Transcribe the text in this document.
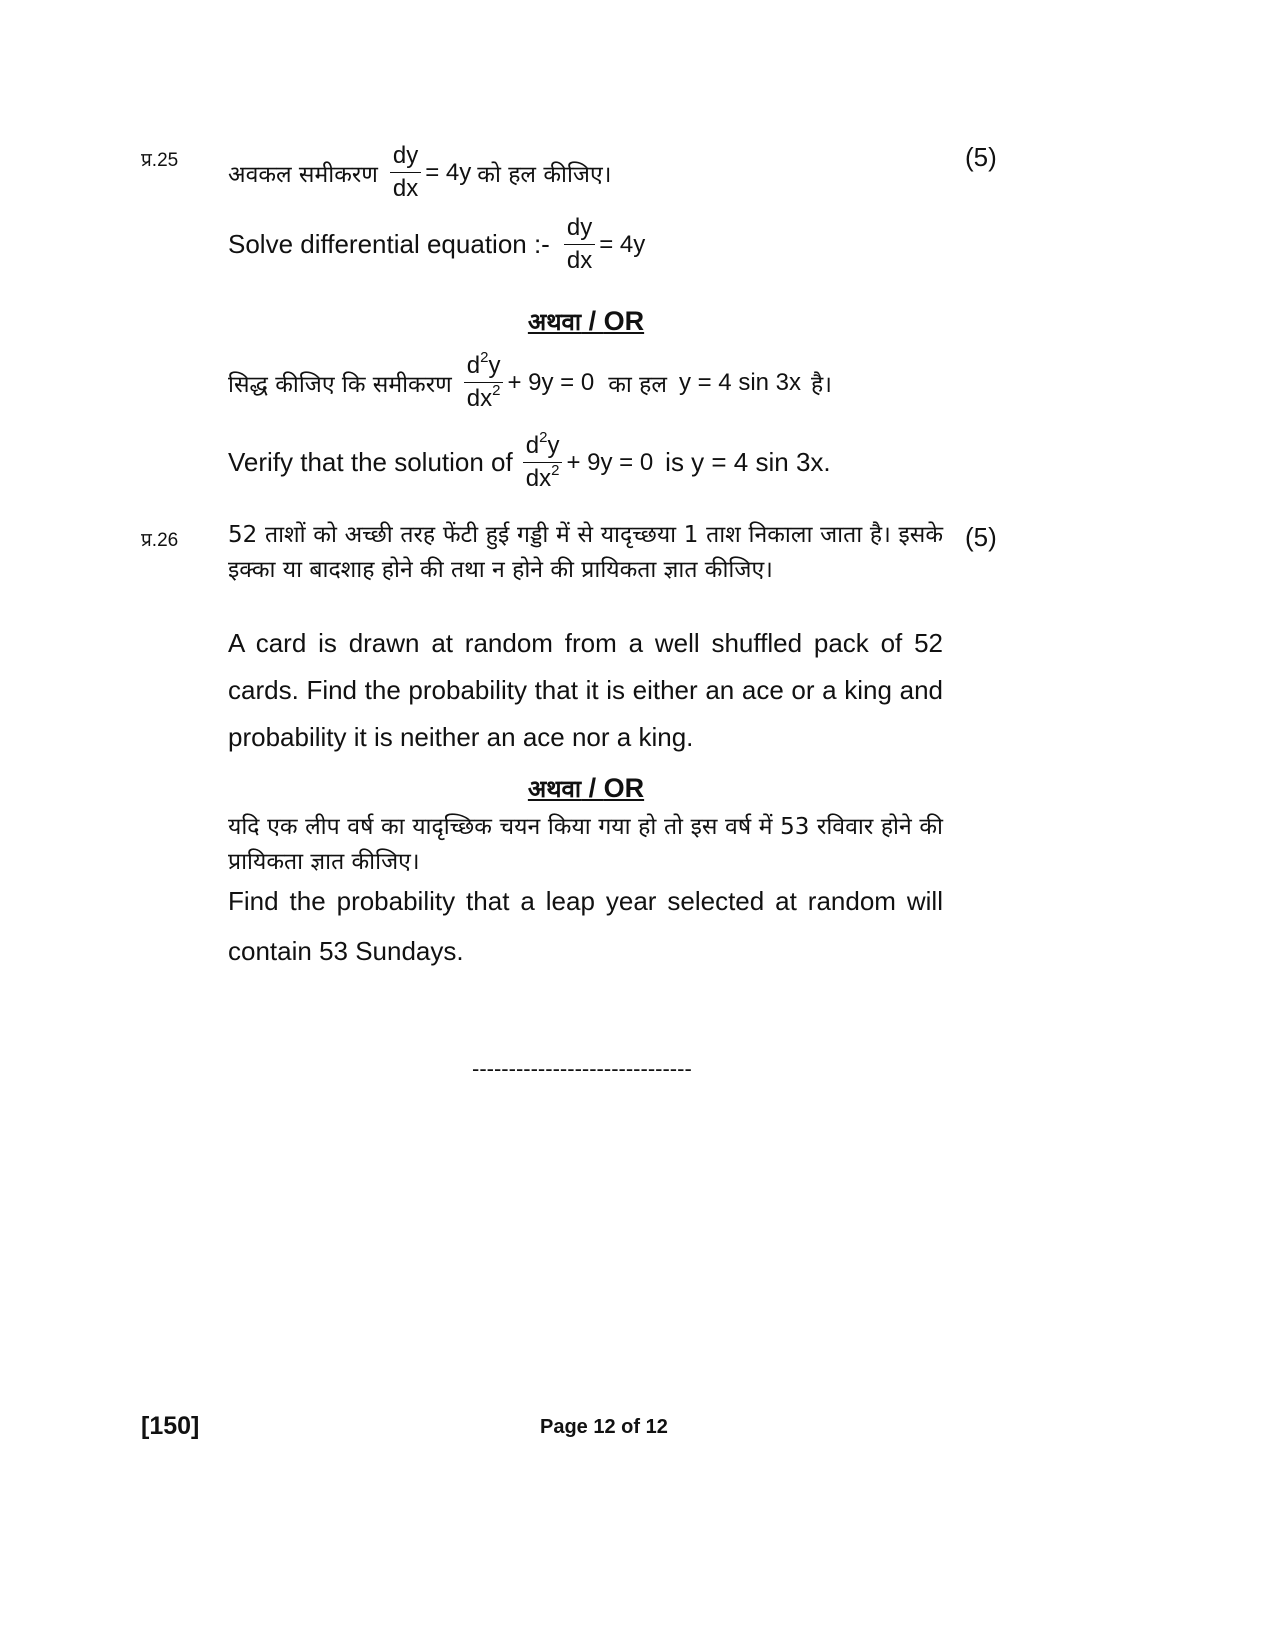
प्र.25	(5)
अवकल समीकरण $\frac{dy}{dx} = 4y$ को हल कीजिए।
Solve differential equation :- $\frac{dy}{dx} = 4y$
अथवा / OR
सिद्ध कीजिए कि समीकरण $\frac{d^2y}{dx^2} + 9y = 0$ का हल y = 4 sin 3x है।
Verify that the solution of $\frac{d^2y}{dx^2} + 9y = 0$ is y = 4 sin 3x.
प्र.26	(5)
52 ताशों को अच्छी तरह फेंटी हुई गड्डी में से यादृच्छया 1 ताश निकाला जाता है। इसके इक्का या बादशाह होने की तथा न होने की प्रायिकता ज्ञात कीजिए।
A card is drawn at random from a well shuffled pack of 52 cards. Find the probability that it is either an ace or a king and probability it is neither an ace nor a king.
अथवा / OR
यदि एक लीप वर्ष का यादृच्छिक चयन किया गया हो तो इस वर्ष में 53 रविवार होने की प्रायिकता ज्ञात कीजिए।
Find the probability that a leap year selected at random will contain 53 Sundays.
------------------------------
[150]	Page 12 of 12
